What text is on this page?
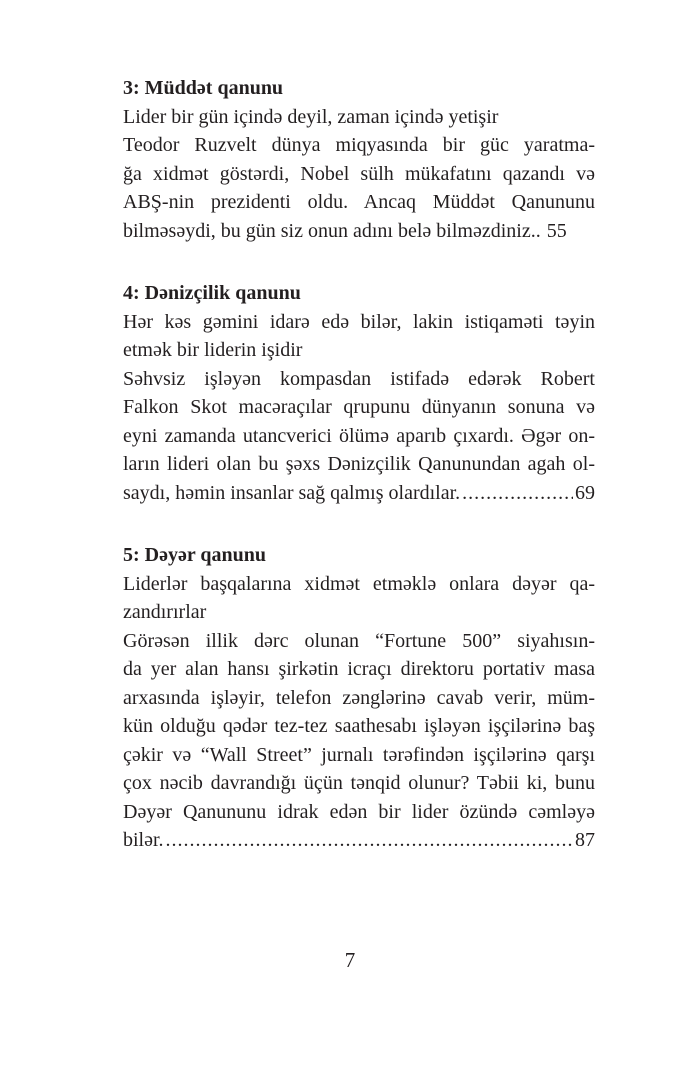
3: Müddət qanunu

Lider bir gün içində deyil, zaman içində yetişir

Teodor Ruzvelt dünya miqyasında bir güc yaratma-

ğa xidmət göstərdi, Nobel sülh mükafatını qazandı və

ABŞ-nin prezidenti oldu. Ancaq Müddət Qanununu

bilməsəydi, bu gün siz onun adını belə bilməzdiniz.. 55

4: Dənizçilik qanunu

Hər kəs gəmini idarə edə bilər, lakin istiqaməti təyin

etmək bir liderin işidir

Səhvsiz işləyən kompasdan istifadə edərək Robert

Falkon Skot macəraçılar qrupunu dünyanın sonuna və

eyni zamanda utancverici ölümə aparıb çıxardı. Əgər on-

ların lideri olan bu şəxs Dənizçilik Qanunundan agah ol-

saydı, həmin insanlar sağ qalmış olardılar. .....	69

5: Dəyər qanunu

Liderlər başqalarına xidmət etməklə onlara dəyər qa-

zandırırlar

Görəsən illik dərc olunan “Fortune 500” siyahısın-

da yer alan hansı şirkətin icraçı direktoru portativ masa

arxasında işləyir, telefon zənglərinə cavab verir, müm-

kün olduğu qədər tez-tez saathesabı işləyən işçilərinə baş

çəkir və “Wall Street” jurnalı tərəfindən işçilərinə qarşı

çox nəcib davrandığı üçün tənqid olunur? Təbii ki, bunu

Dəyər Qanununu idrak edən bir lider özündə cəmləyə

bilər. .....	87
7
